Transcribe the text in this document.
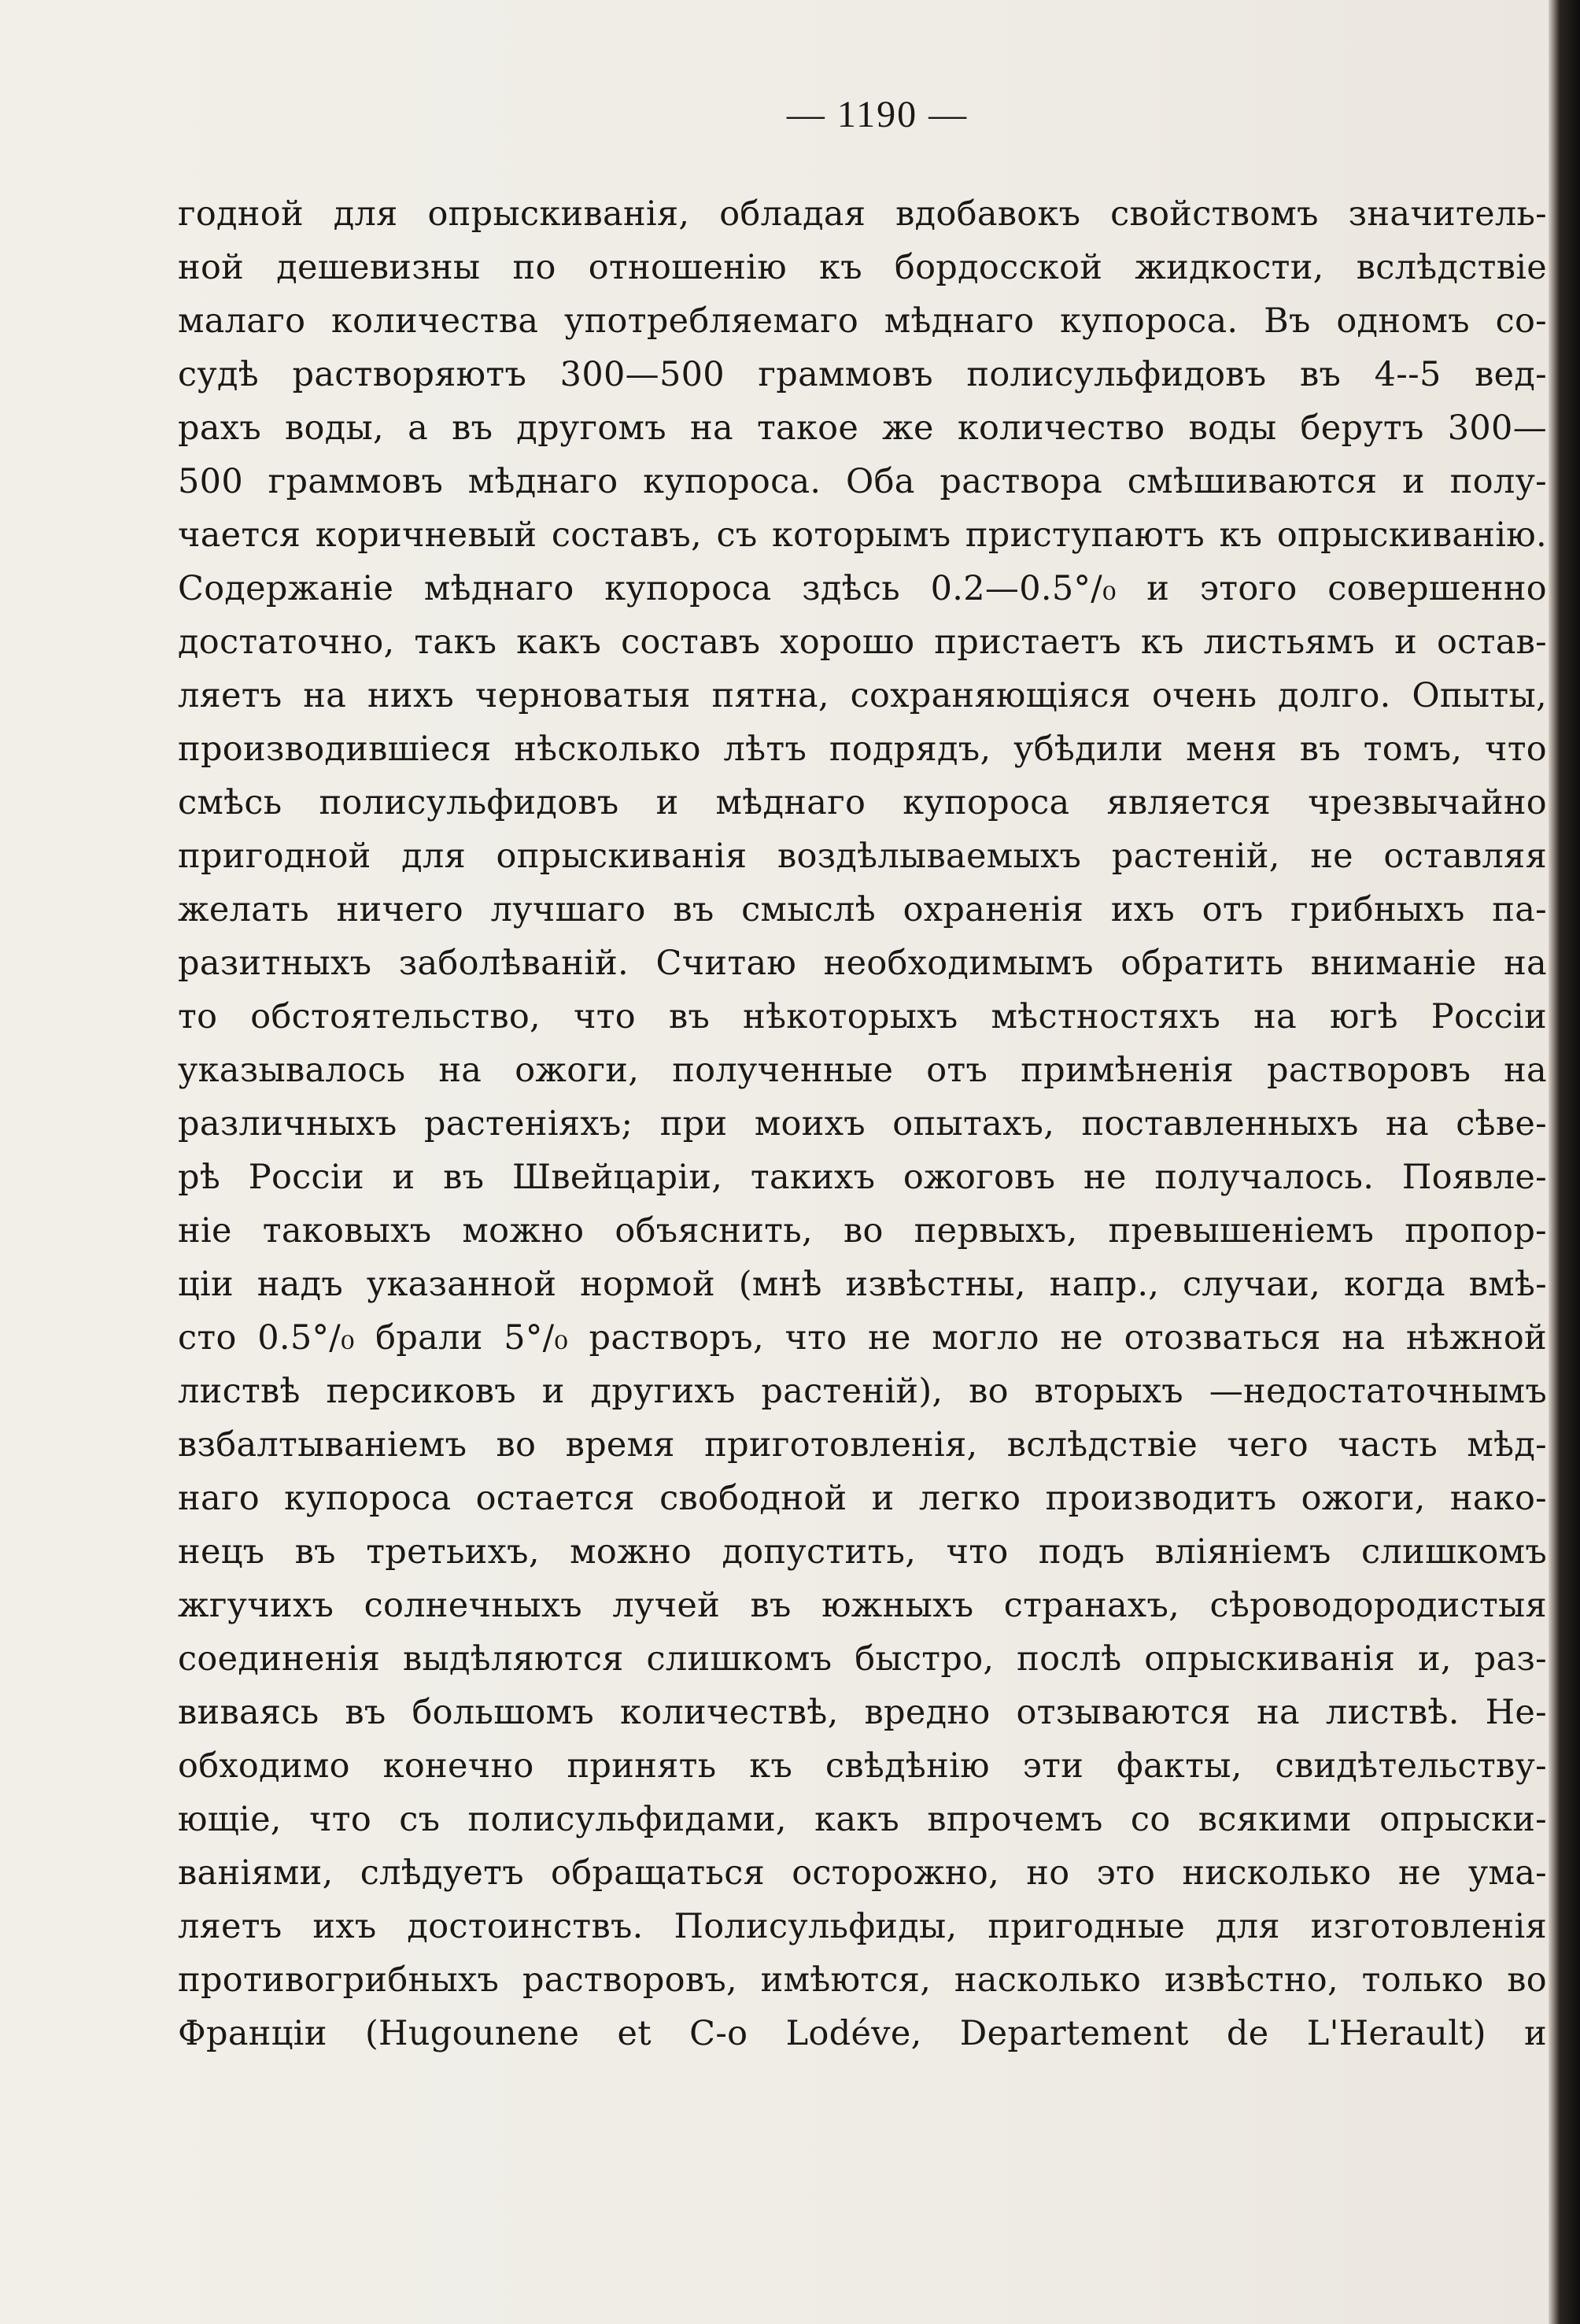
— 1190 —
годной для опрыскиванія, обладая вдобавокъ свойствомъ значитель-
ной дешевизны по отношенію къ бордосской жидкости, вслѣдствіе
малаго количества употребляемаго мѣднаго купороса. Въ одномъ со-
судѣ растворяютъ 300—500 граммовъ полисульфидовъ въ 4--5 вед-
рахъ воды, а въ другомъ на такое же количество воды берутъ 300—
500 граммовъ мѣднаго купороса. Оба раствора смѣшиваются и полу-
чается коричневый составъ, съ которымъ приступаютъ къ опрыскиванію.
Содержаніе мѣднаго купороса здѣсь 0.2—0.5°/₀ и этого совершенно
достаточно, такъ какъ составъ хорошо пристаетъ къ листьямъ и остав-
ляетъ на нихъ черноватыя пятна, сохраняющіяся очень долго. Опыты,
производившіеся нѣсколько лѣтъ подрядъ, убѣдили меня въ томъ, что
смѣсь полисульфидовъ и мѣднаго купороса является чрезвычайно
пригодной для опрыскиванія воздѣлываемыхъ растеній, не оставляя
желать ничего лучшаго въ смыслѣ охраненія ихъ отъ грибныхъ па-
разитныхъ заболѣваній. Считаю необходимымъ обратить вниманіе на
то обстоятельство, что въ нѣкоторыхъ мѣстностяхъ на югѣ Россіи
указывалось на ожоги, полученные отъ примѣненія растворовъ на
различныхъ растеніяхъ; при моихъ опытахъ, поставленныхъ на сѣве-
рѣ Россіи и въ Швейцаріи, такихъ ожоговъ не получалось. Появле-
ніе таковыхъ можно объяснить, во первыхъ, превышеніемъ пропор-
ціи надъ указанной нормой (мнѣ извѣстны, напр., случаи, когда вмѣ-
сто 0.5°/₀ брали 5°/₀ растворъ, что не могло не отозваться на нѣжной
листвѣ персиковъ и другихъ растеній), во вторыхъ —недостаточнымъ
взбалтываніемъ во время приготовленія, вслѣдствіе чего часть мѣд-
наго купороса остается свободной и легко производитъ ожоги, нако-
нецъ въ третьихъ, можно допустить, что подъ вліяніемъ слишкомъ
жгучихъ солнечныхъ лучей въ южныхъ странахъ, сѣроводородистыя
соединенія выдѣляются слишкомъ быстро, послѣ опрыскиванія и, раз-
виваясь въ большомъ количествѣ, вредно отзываются на листвѣ. Не-
обходимо конечно принять къ свѣдѣнію эти факты, свидѣтельству-
ющіе, что съ полисульфидами, какъ впрочемъ со всякими опрыски-
ваніями, слѣдуетъ обращаться осторожно, но это нисколько не ума-
ляетъ ихъ достоинствъ. Полисульфиды, пригодные для изготовленія
противогрибныхъ растворовъ, имѣются, насколько извѣстно, только во
Франціи (Hugounene et C-o Lodéve, Departement de L'Herault) и
